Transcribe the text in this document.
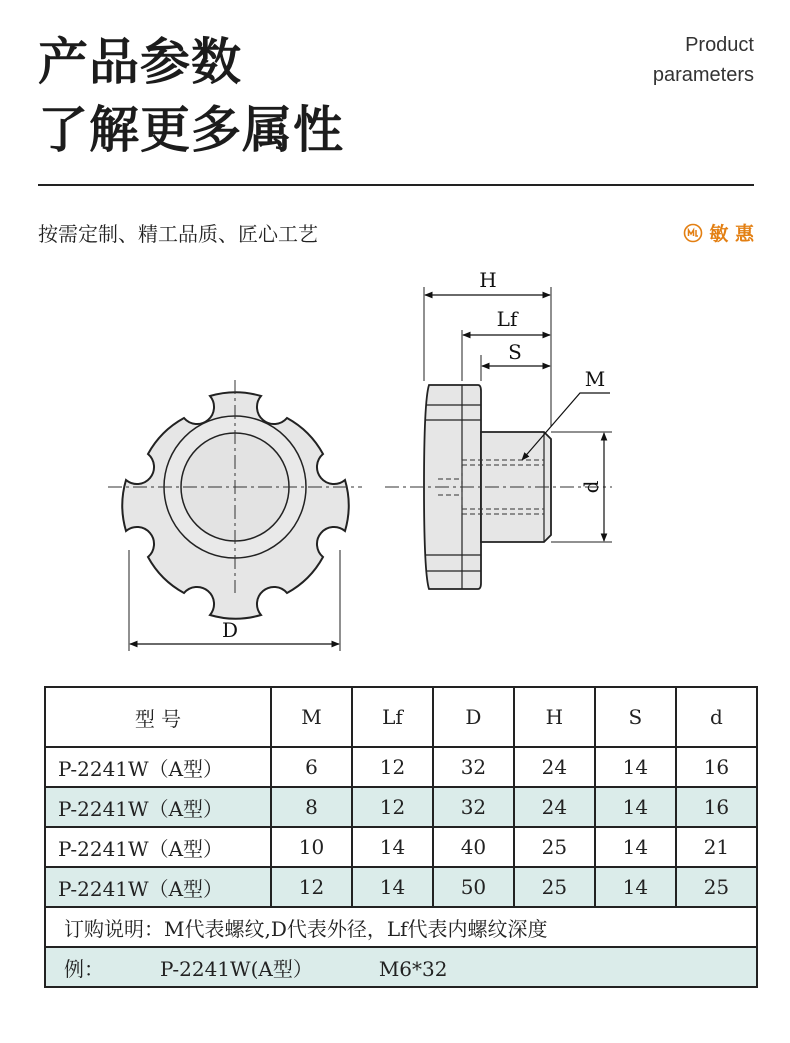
产品参数
了解更多属性
Product
parameters
按需定制、精工品质、匠心工艺	敏 惠
D
H
Lf
S
M
d
型 号	M	Lf	D	H	S	d
P-2241W（A型）	6	12	32	24	14	16
P-2241W（A型）	8	12	32	24	14	16
P-2241W（A型）	10	14	40	25	14	21
P-2241W（A型）	12	14	50	25	14	25
订购说明：M代表螺纹,D代表外径，Lf代表内螺纹深度						
例： P-2241W(A型） M6*32						
